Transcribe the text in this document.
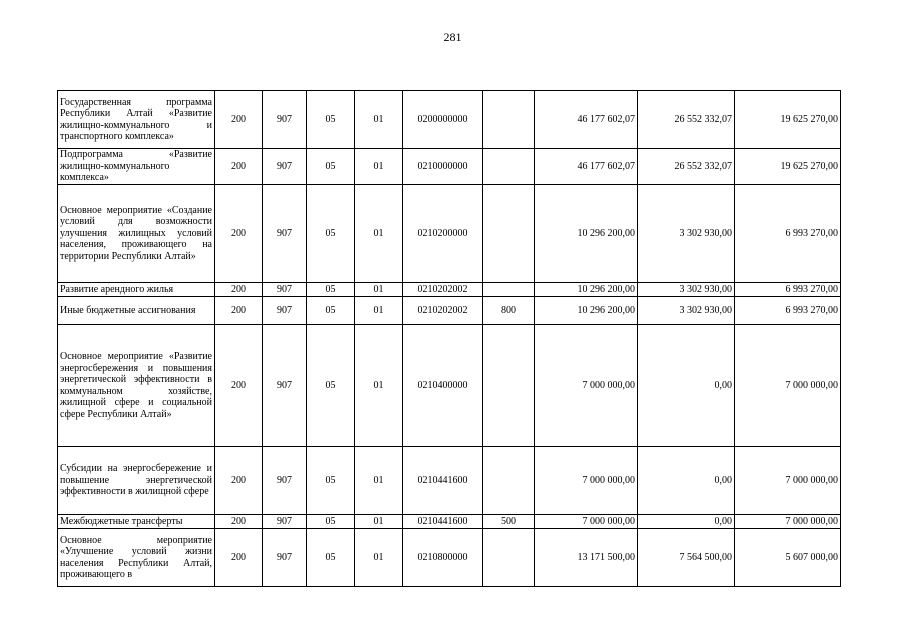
281
Государственная программа Республики Алтай «Развитие жилищно-коммунального и транспортного комплекса»	200	907	05	01	0200000000		46 177 602,07	26 552 332,07	19 625 270,00
Подпрограмма «Развитие жилищно-коммунального комплекса»	200	907	05	01	0210000000		46 177 602,07	26 552 332,07	19 625 270,00
Основное мероприятие «Создание условий для возможности улучшения жилищных условий населения, проживающего на территории Республики Алтай»	200	907	05	01	0210200000		10 296 200,00	3 302 930,00	6 993 270,00
Развитие арендного жилья	200	907	05	01	0210202002		10 296 200,00	3 302 930,00	6 993 270,00
Иные бюджетные ассигнования	200	907	05	01	0210202002	800	10 296 200,00	3 302 930,00	6 993 270,00
Основное мероприятие «Развитие энергосбережения и повышения энергетической эффективности в коммунальном хозяйстве, жилищной сфере и социальной сфере Республики Алтай»	200	907	05	01	0210400000		7 000 000,00	0,00	7 000 000,00
Субсидии на энергосбережение и повышение энергетической эффективности в жилищной сфере	200	907	05	01	0210441600		7 000 000,00	0,00	7 000 000,00
Межбюджетные трансферты	200	907	05	01	0210441600	500	7 000 000,00	0,00	7 000 000,00
Основное мероприятие «Улучшение условий жизни населения Республики Алтай, проживающего в	200	907	05	01	0210800000		13 171 500,00	7 564 500,00	5 607 000,00
